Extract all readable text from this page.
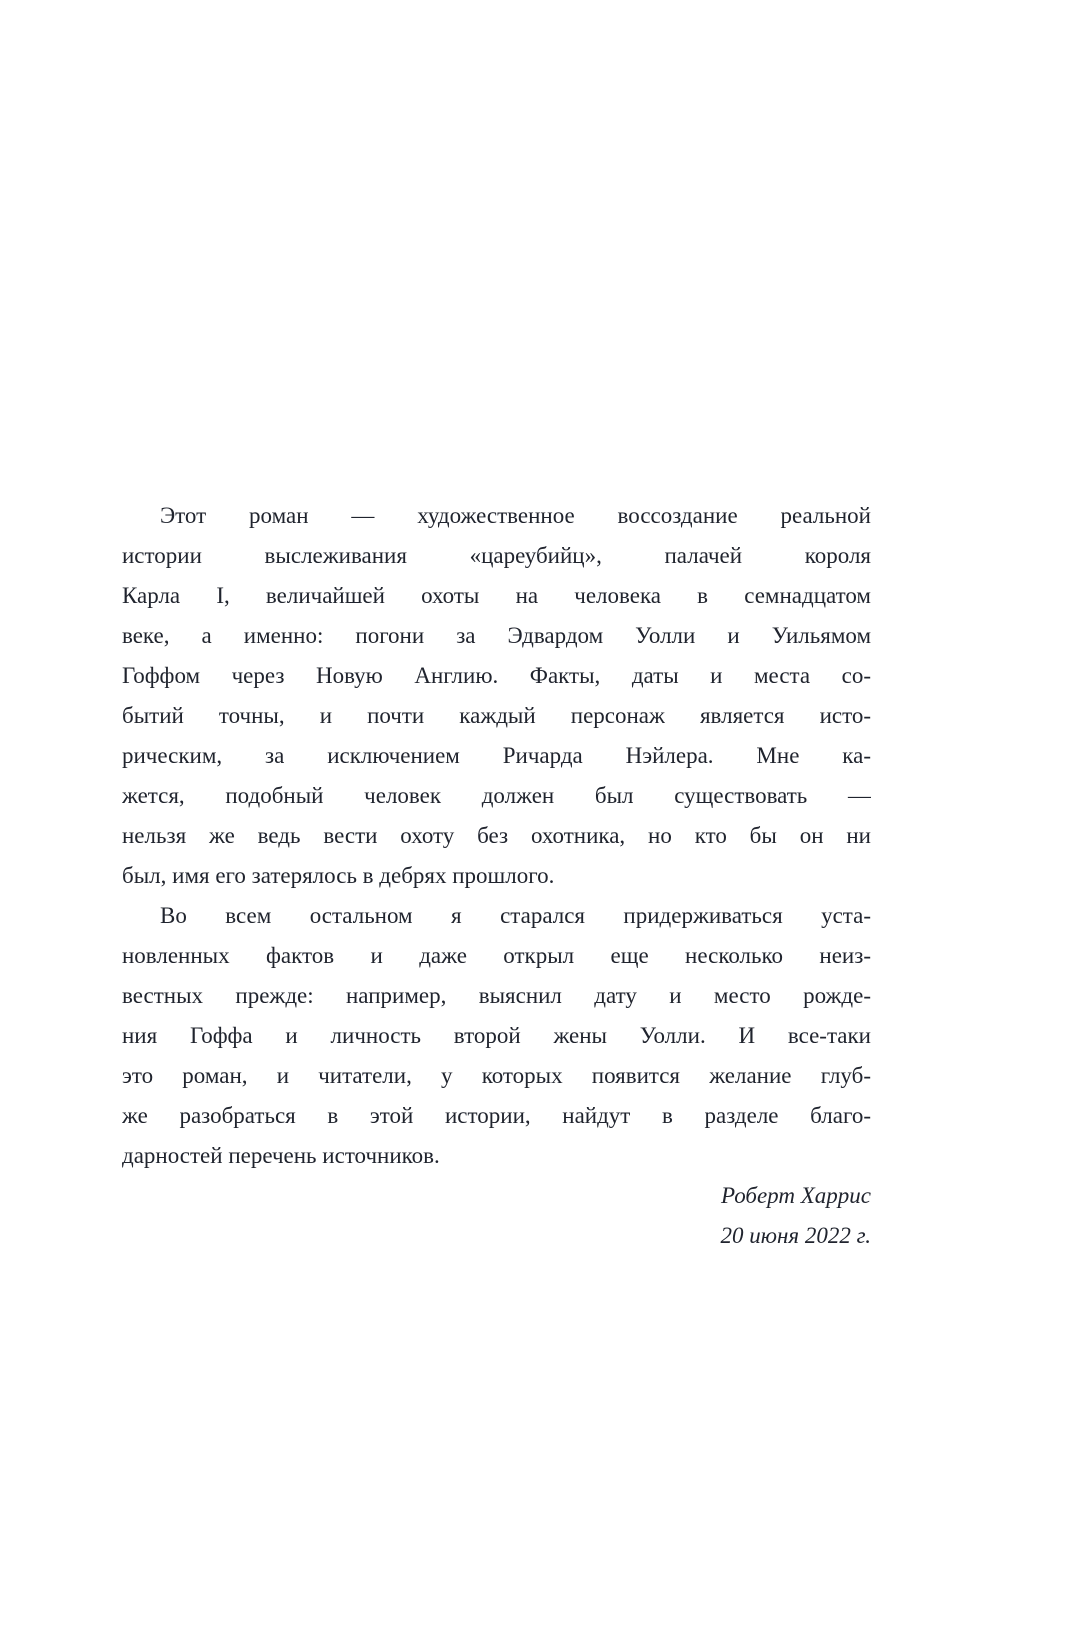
Этот роман — художественное воссоздание реальной
истории выслеживания «цареубийц», палачей короля
Карла I, величайшей охоты на человека в семнадцатом
веке, а именно: погони за Эдвардом Уолли и Уильямом
Гоффом через Новую Англию. Факты, даты и места со-
бытий точны, и почти каждый персонаж является исто-
рическим, за исключением Ричарда Нэйлера. Мне ка-
жется, подобный человек должен был существовать —
нельзя же ведь вести охоту без охотника, но кто бы он ни
был, имя его затерялось в дебрях прошлого.
Во всем остальном я старался придерживаться уста-
новленных фактов и даже открыл еще несколько неиз-
вестных прежде: например, выяснил дату и место рожде-
ния Гоффа и личность второй жены Уолли. И все-таки
это роман, и читатели, у которых появится желание глуб-
же разобраться в этой истории, найдут в разделе благо-
дарностей перечень источников.
Роберт Харрис
20 июня 2022 г.
